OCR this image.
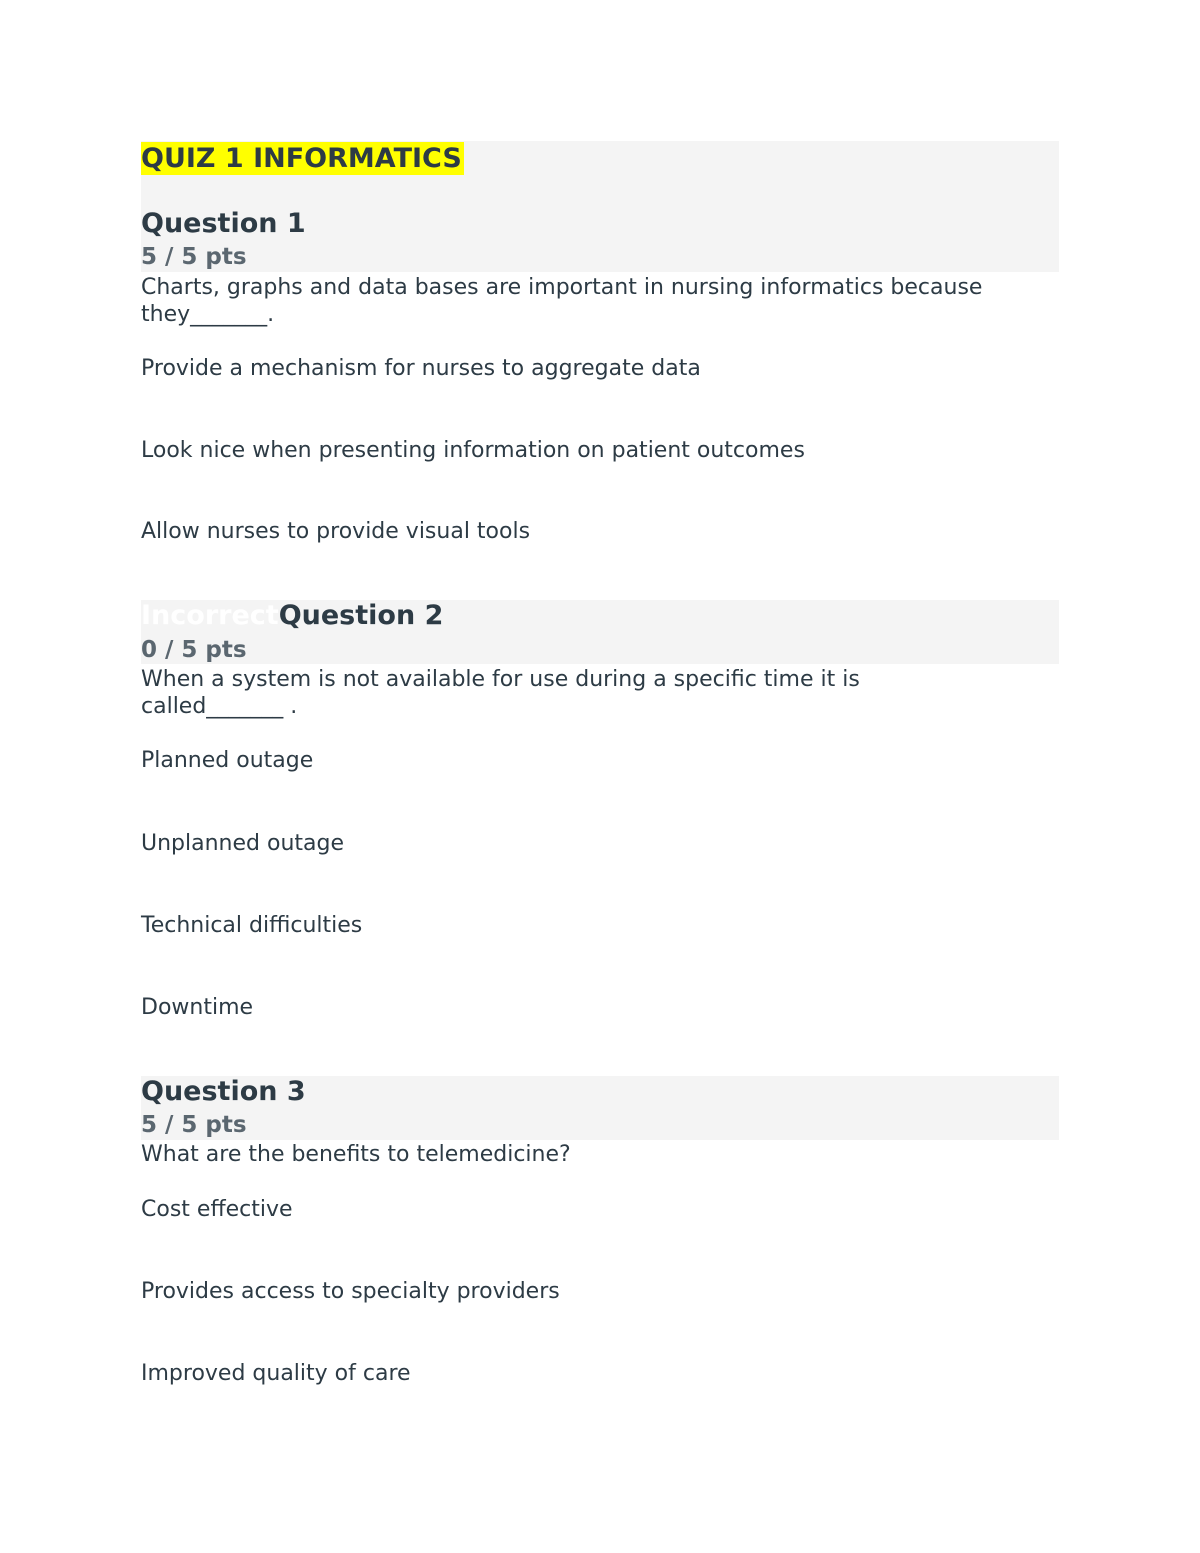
QUIZ 1 INFORMATICS
Question 1
5 / 5 pts
Charts, graphs and data bases are important in nursing informatics because they_______.
Provide a mechanism for nurses to aggregate data
Look nice when presenting information on patient outcomes
Allow nurses to provide visual tools
IncorrectQuestion 2
0 / 5 pts
When a system is not available for use during a specific time it is called_______ .
Planned outage
Unplanned outage
Technical difficulties
Downtime
Question 3
5 / 5 pts
What are the benefits to telemedicine?
Cost effective
Provides access to specialty providers
Improved quality of care
